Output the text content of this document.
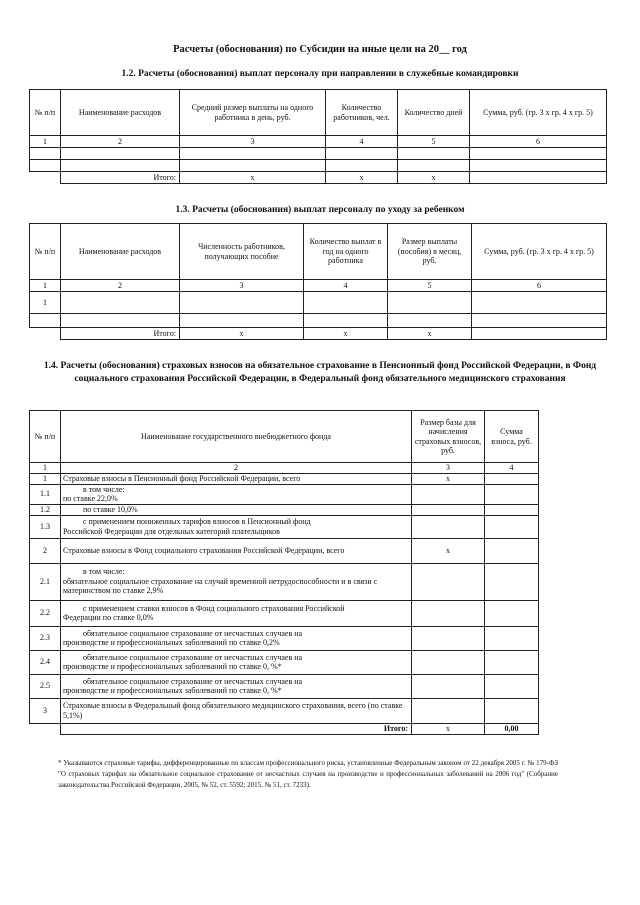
Расчеты (обоснования) по Субсидии на иные цели на 20__ год
1.2. Расчеты (обоснования) выплат персоналу при направлении в служебные командировки
№ п/п	Наименование расходов	Средний размер выплаты на одного работника в день, руб.	Количество работников, чел.	Количество дней	Сумма, руб. (гр. 3 х гр. 4 х гр. 5)
1	2	3	4	5	6

	Итого:	x	x	x	
1.3. Расчеты (обоснования) выплат персоналу по уходу за ребенком
№ п/п	Наименование расходов	Численность работников, получающих пособие	Количество выплат в год на одного работника	Размер выплаты (пособия) в месяц, руб.	Сумма, руб. (гр. 3 х гр. 4 х гр. 5)
1	2	3	4	5	6
1					

	Итого:	x	x	x	
1.4. Расчеты (обоснования) страховых взносов на обязательное страхование в Пенсионный фонд Российской Федерации, в Фонд социального страхования Российской Федерации, в Федеральный фонд обязательного медицинского страхования
№ п/п	Наименование государственного внебюджетного фонда	Размер базы для начисления страховых взносов, руб.	Сумма взноса, руб.
1	2	3	4
1	Страховые взносы в Пенсионный фонд Российской Федерации, всего	x	
1.1	в том числе:
по ставке 22,0%		

1.2	по ставке 10,0%		
1.3	с применением пониженных тарифов взносов в Пенсионный фонд
Российской Федерации для отдельных категорий плательщиков		

2	Страховые взносы в Фонд социального страхования Российской Федерации, всего	x	
2.1	в том числе:
обязательное социальное страхование на случай временной нетрудоспособности и в связи с материнством по ставке 2,9%		

2.2	с применением ставки взносов в Фонд социального страхования Российской
Федерации по ставке 0,0%		

2.3	обязательное социальное страхование от несчастных случаев на
производстве и профессиональных заболеваний по ставке 0,2%		

2.4	обязательное социальное страхование от несчастных случаев на
производстве и профессиональных заболеваний по ставке 0, %*		

2.5	обязательное социальное страхование от несчастных случаев на
производстве и профессиональных заболеваний по ставке 0, %*		

3	Страховые взносы в Федеральный фонд обязательного медицинского страхования, всего (по ставке 5,1%)		
	Итого:	x	0,00
* Указываются страховые тарифы, дифференцированные по классам профессионального риска, установленные Федеральным законом от 22 декабря 2005 г. № 179-ФЗ "О страховых тарифах на обязательное социальное страхование от несчастных случаев на производстве и профессиональных заболеваний на 2006 год" (Собрание законодательства Российской Федерации, 2005, № 52, ст. 5592; 2015, № 51, ст. 7233).
